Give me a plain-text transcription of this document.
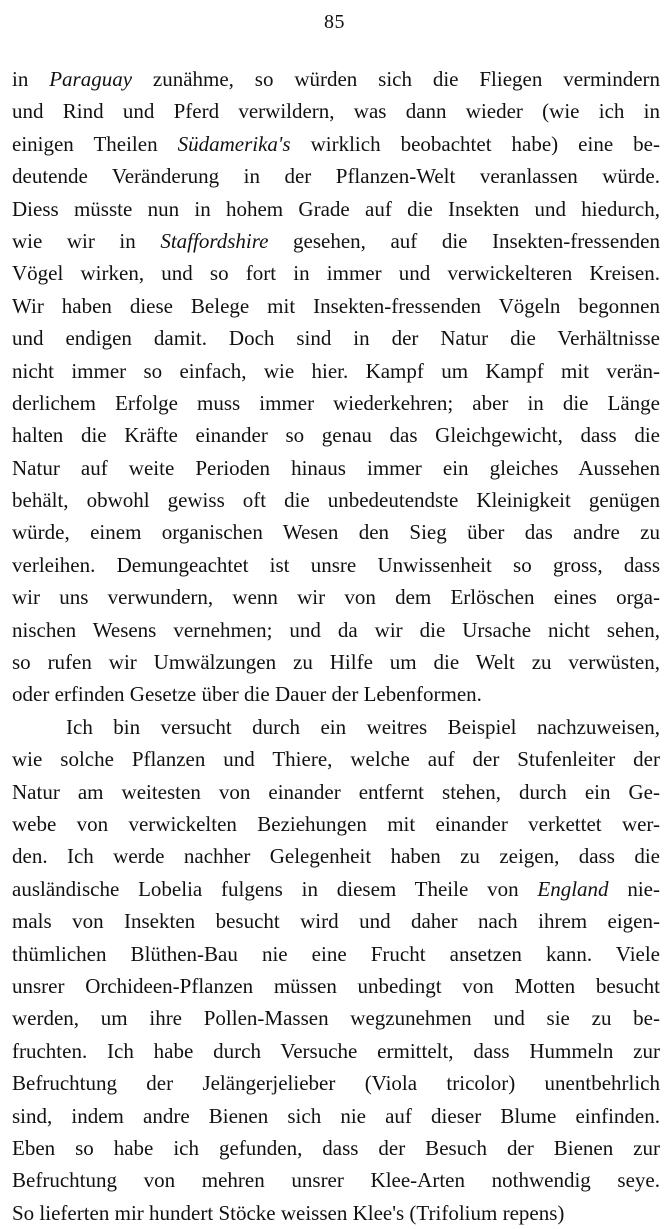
85
in Paraguay zunähme, so würden sich die Fliegen vermindern
und Rind und Pferd verwildern, was dann wieder (wie ich in
einigen Theilen Südamerika's wirklich beobachtet habe) eine be-
deutende Veränderung in der Pflanzen-Welt veranlassen würde.
Diess müsste nun in hohem Grade auf die Insekten und hiedurch,
wie wir in Staffordshire gesehen, auf die Insekten-fressenden
Vögel wirken, und so fort in immer und verwickelteren Kreisen.
Wir haben diese Belege mit Insekten-fressenden Vögeln begonnen
und endigen damit. Doch sind in der Natur die Verhältnisse
nicht immer so einfach, wie hier. Kampf um Kampf mit verän-
derlichem Erfolge muss immer wiederkehren; aber in die Länge
halten die Kräfte einander so genau das Gleichgewicht, dass die
Natur auf weite Perioden hinaus immer ein gleiches Aussehen
behält, obwohl gewiss oft die unbedeutendste Kleinigkeit genügen
würde, einem organischen Wesen den Sieg über das andre zu
verleihen. Demungeachtet ist unsre Unwissenheit so gross, dass
wir uns verwundern, wenn wir von dem Erlöschen eines orga-
nischen Wesens vernehmen; und da wir die Ursache nicht sehen,
so rufen wir Umwälzungen zu Hilfe um die Welt zu verwüsten,
oder erfinden Gesetze über die Dauer der Lebenformen.
Ich bin versucht durch ein weitres Beispiel nachzuweisen,
wie solche Pflanzen und Thiere, welche auf der Stufenleiter der
Natur am weitesten von einander entfernt stehen, durch ein Ge-
webe von verwickelten Beziehungen mit einander verkettet wer-
den. Ich werde nachher Gelegenheit haben zu zeigen, dass die
ausländische Lobelia fulgens in diesem Theile von England nie-
mals von Insekten besucht wird und daher nach ihrem eigen-
thümlichen Blüthen-Bau nie eine Frucht ansetzen kann. Viele
unsrer Orchideen-Pflanzen müssen unbedingt von Motten besucht
werden, um ihre Pollen-Massen wegzunehmen und sie zu be-
fruchten. Ich habe durch Versuche ermittelt, dass Hummeln zur
Befruchtung der Jelängerjelieber (Viola tricolor) unentbehrlich
sind, indem andre Bienen sich nie auf dieser Blume einfinden.
Eben so habe ich gefunden, dass der Besuch der Bienen zur
Befruchtung von mehren unsrer Klee-Arten nothwendig seye.
So lieferten mir hundert Stöcke weissen Klee's (Trifolium repens)
